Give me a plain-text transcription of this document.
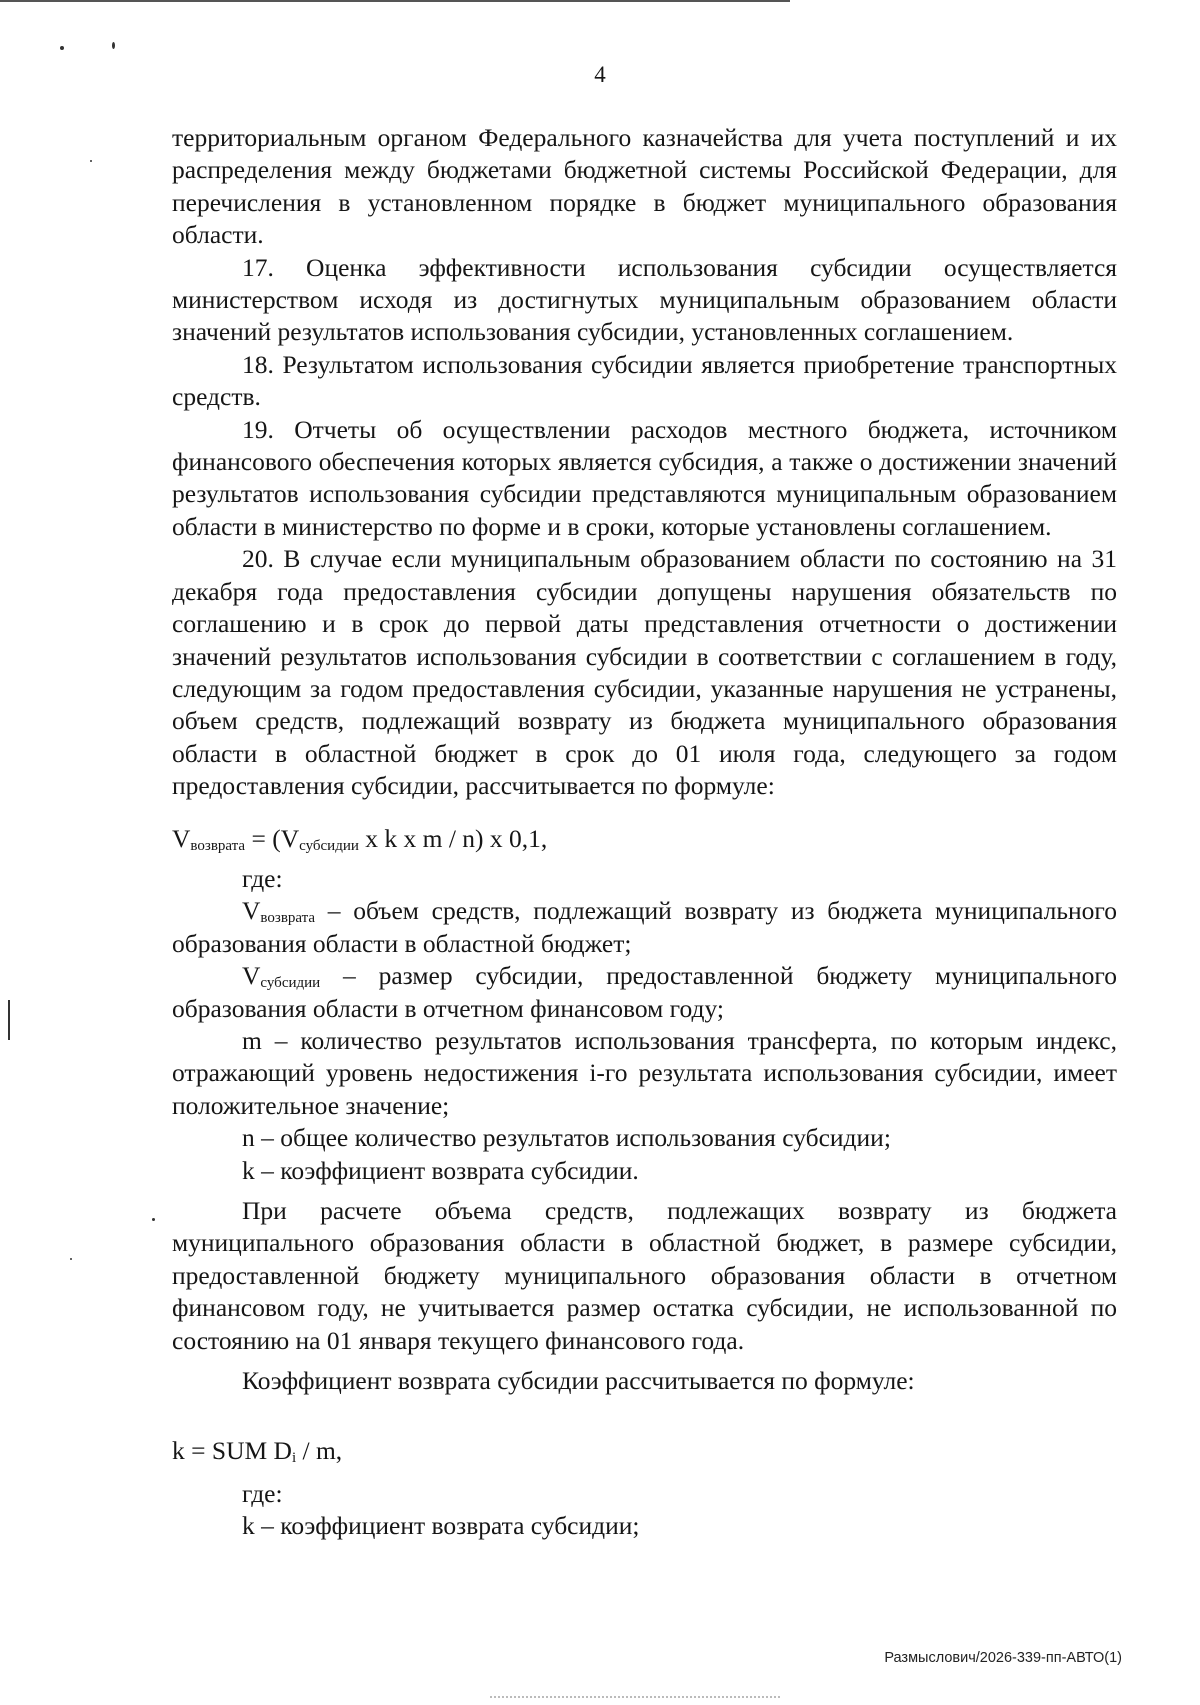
4

территориальным органом Федерального казначейства для учета поступлений и их распределения между бюджетами бюджетной системы Российской Федерации, для перечисления в установленном порядке в бюджет муниципального образования области.

17. Оценка эффективности использования субсидии осуществляется министерством исходя из достигнутых муниципальным образованием области значений результатов использования субсидии, установленных соглашением.

18. Результатом использования субсидии является приобретение транспортных средств.

19. Отчеты об осуществлении расходов местного бюджета, источником финансового обеспечения которых является субсидия, а также о достижении значений результатов использования субсидии представляются муниципальным образованием области в министерство по форме и в сроки, которые установлены соглашением.

20. В случае если муниципальным образованием области по состоянию на 31 декабря года предоставления субсидии допущены нарушения обязательств по соглашению и в срок до первой даты представления отчетности о достижении значений результатов использования субсидии в соответствии с соглашением в году, следующим за годом предоставления субсидии, указанные нарушения не устранены, объем средств, подлежащий возврату из бюджета муниципального образования области в областной бюджет в срок до 01 июля года, следующего за годом предоставления субсидии, рассчитывается по формуле:

$V_{возврата} = (V_{субсидии}$ x k x m / n) x 0,1,

где:

$V_{возврата}$ – объем средств, подлежащий возврату из бюджета муниципального образования области в областной бюджет;

$V_{субсидии}$ – размер субсидии, предоставленной бюджету муниципального образования области в отчетном финансовом году;

m – количество результатов использования трансферта, по которым индекс, отражающий уровень недостижения i-го результата использования субсидии, имеет положительное значение;

n – общее количество результатов использования субсидии;

k – коэффициент возврата субсидии.

При расчете объема средств, подлежащих возврату из бюджета муниципального образования области в областной бюджет, в размере субсидии, предоставленной бюджету муниципального образования области в отчетном финансовом году, не учитывается размер остатка субсидии, не использованной по состоянию на 01 января текущего финансового года.

Коэффициент возврата субсидии рассчитывается по формуле:

k = SUM $D_i$ / m,

где:

k – коэффициент возврата субсидии;

Размыслович/2026-339-пп-АВТО(1)
